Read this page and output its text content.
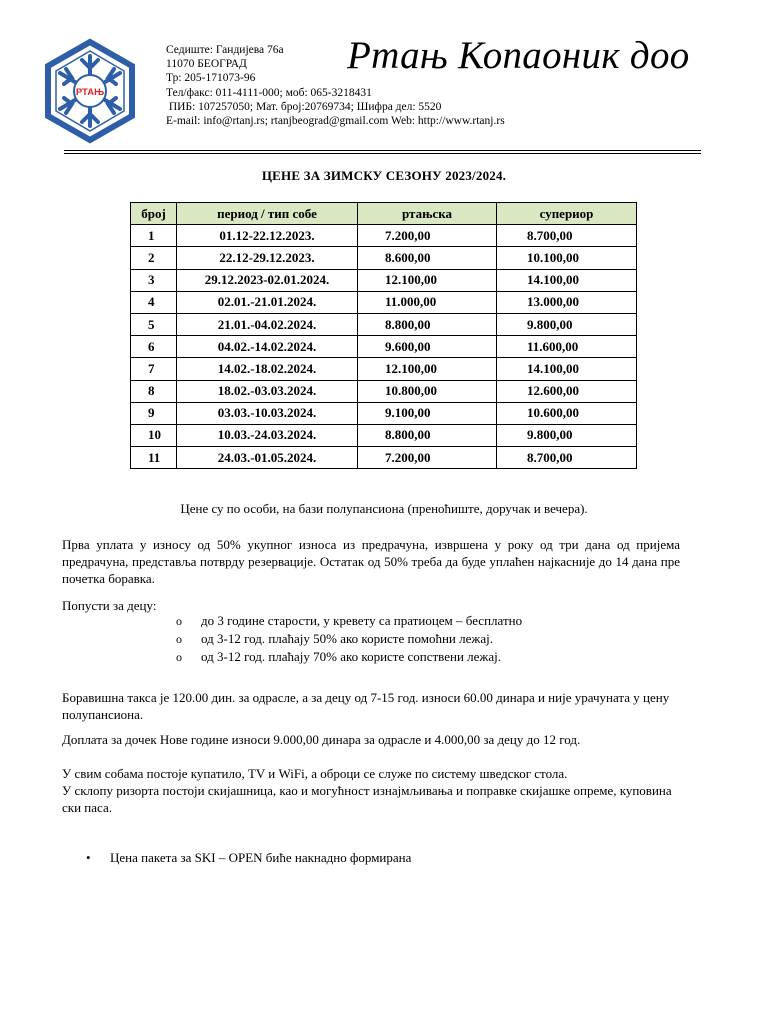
РТАЊ
Седиште: Гандијева 76а
11070 БЕОГРАД
Тр: 205-171073-96
Тел/факс: 011-4111-000; моб: 065-3218431
ПИБ: 107257050; Мат. број:20769734; Шифра дел: 5520
E-mail: info@rtanj.rs; rtanjbeograd@gmail.com Web: http://www.rtanj.rs
Ртањ Копаоник доо
ЦЕНЕ ЗА ЗИМСКУ СЕЗОНУ 2023/2024.
број	период / тип собе	ртањска	супериор
1	01.12-22.12.2023.	7.200,00	8.700,00
2	22.12-29.12.2023.	8.600,00	10.100,00
3	29.12.2023-02.01.2024.	12.100,00	14.100,00
4	02.01.-21.01.2024.	11.000,00	13.000,00
5	21.01.-04.02.2024.	8.800,00	9.800,00
6	04.02.-14.02.2024.	9.600,00	11.600,00
7	14.02.-18.02.2024.	12.100,00	14.100,00
8	18.02.-03.03.2024.	10.800,00	12.600,00
9	03.03.-10.03.2024.	9.100,00	10.600,00
10	10.03.-24.03.2024.	8.800,00	9.800,00
11	24.03.-01.05.2024.	7.200,00	8.700,00
Цене су по особи, на бази полупансиона (преноћиште, доручак и вечера).
Прва уплата у износу од 50% укупног износа из предрачуна, извршена у року од три дана од пријема предрачуна, представља потврду резервације. Остатак од 50% треба да буде уплаћен најкасније до 14 дана пре почетка боравка.
Попусти за децу:
o до 3 године старости, у кревету са пратиоцем – бесплатно
o од 3-12 год. плаћају 50% ако користе помоћни лежај.
o од 3-12 год. плаћају 70% ако користе сопствени лежај.
Боравишна такса је 120.00 дин. за одрасле, а за децу од 7-15 год. износи 60.00 динара и није урачуната у цену полупансиона.
Доплата за дочек Нове године износи 9.000,00 динара за одрасле и 4.000,00 за децу до 12 год.
У свим собама постоје купатило, TV и WiFi, а оброци се служе по систему шведског стола.
У склопу ризорта постоји скијашница, као и могућност изнајмљивања и поправке скијашке опреме, куповина ски паса.
• Цена пакета за SKI – OPEN биће накнадно формирана
